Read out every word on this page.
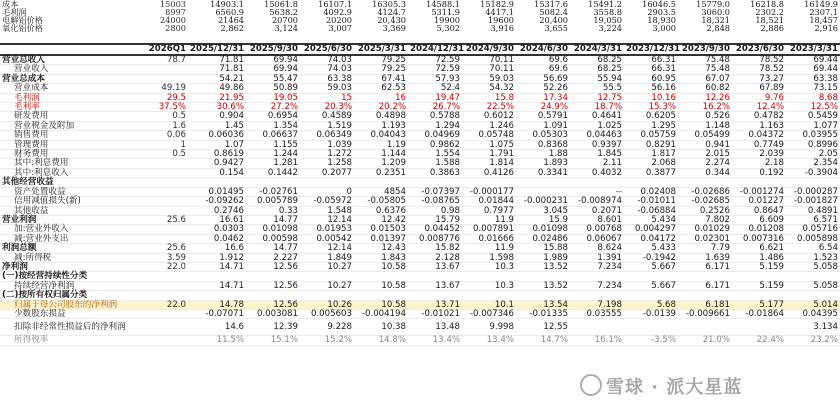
成本	15003	14903.1	15061.8	16107.1	16305.3	14588.1	15182.9	15317.6	15491.2	16046.5	15779.0	16218.8	16149.9
毛利润	8997	6560.9	5638.2	4092.9	4124.7	5311.9	4417.1	5082.4	3558.8	2903.5	3060.0	2302.2	2307.1
电解铝价格	24000	21464	20700	20200	20,430	19900	19600	20,400	19,050	18,930	18,321	18,521	18,457
氧化铝价格	2800	2,862	3,124	3,007	3,369	5,302	3,916	3,655	3,224	3,000	2,848	2,886	2,916
	2026Q1	2025/12/31	2025/9/30	2025/6/30	2025/3/31	2024/12/31	2024/9/30	2024/6/30	2024/3/31	2023/12/31	2023/9/30	2023/6/30	2023/3/31
营业总收入	78.7	71.81	69.94	74.03	79.25	72.59	70.11	69.6	68.25	66.31	75.48	78.52	69.44
营业收入		71.81	69.94	74.03	79.25	72.59	70.11	69.6	68.25	66.31	75.48	78.52	69.44
营业总成本		54.21	55.47	63.38	67.41	57.93	59.03	56.69	55.94	60.95	67.07	73.27	63.38
营业成本	49.19	49.86	50.89	59.03	62.53	52.4	54.32	52.26	55.5	56.16	60.82	67.89	73.15
毛利润	29.5	21.95	19.05	15	16	19.47	15.8	17.34	12.75	10.16	12.26	9.76	8.68
毛利率	37.5%	30.6%	27.2%	20.3%	20.2%	26.7%	22.5%	24.9%	18.7%	15.3%	16.2%	12.4%	12.5%
研发费用	0.5	0.904	0.6954	0.4589	0.4898	0.5788	0.6012	0.5791	0.4641	0.6205	0.526	0.4782	0.5459
营业税金及附加	1.6	1.45	1.354	1.519	1.193	1.294	1.246	1.091	1.025	1.295	1.148	1.163	1.077
销售费用	0.06	0.06036	0.06637	0.06349	0.04043	0.04969	0.05748	0.05303	0.04463	0.05759	0.05499	0.04372	0.03955
管理费用	1	1.07	1.155	1.039	1.19	0.9862	1.075	0.8368	0.9397	0.8291	0.941	0.7749	0.8996
财务费用	0.5	0.8619	1.244	1.272	1.144	1.554	1.791	1.88	1.845	1.817	2.015	2.039	2.05
其中:利息费用		0.9427	1.281	1.258	1.209	1.588	1.814	1.893	2.11	2.068	2.274	2.18	2.354
其中:利息收入		0.154	0.1442	0.2077	0.2351	0.3863	0.4126	0.3341	0.4032	0.3877	0.344	0.192	-0.3904
其他经营收益													
资产处置收益		0.01495	-0.02761	0	4854	-0.07397	-0.000177		--	0.02408	-0.02686	-0.001274	-0.000287
信用减值损失(新)		-0.09262	0.005789	-0.05972	-0.05805	-0.08765	0.01844	-0.000231	-0.008974	-0.01011	-0.02685	0.01227	-0.001827
其他收益		0.2746	0.33	1.548	0.6376	0.98	0.7977	3.045	0.2071	-0.06884	0.2526	0.8647	0.4891
营业利润	25.6	16.61	14.77	12.14	12.42	15.79	11.9	15.9	8.601	5.434	7.802	6.609	6.571
加:营业外收入		0.0303	0.01098	0.01953	0.01503	0.04452	0.007891	0.01098	0.00768	0.004297	0.01029	0.01208	0.05716
减:营业外支出		0.0462	0.00598	0.00542	0.01397	0.008776	0.01666	0.02486	0.06067	0.04172	0.02301	0.007316	0.005898
利润总额	25.6	16.6	14.77	12.14	12.43	15.82	11.9	15.88	8.624	5.433	7.79	6.621	6.54
减:所得税	3.59	1.912	2.227	1.849	1.843	2.128	1.598	1.989	1.391	-0.1942	1.639	1.486	1.523
净利润	22.0	14.71	12.56	10.27	10.58	13.67	10.3	13.52	7.234	5.667	6.171	5.159	5.058
(一)按经营持续性分类													
持续经营净利润		14.71	12.56	10.27	10.58	13.67	10.3	13.52	7.234	5.667	6.171	5.159	5.058
(二)按所有权归属分类													
归属于母公司股东的净利润	22.0	14.78	12.56	10.26	10.58	13.71	10.1	13.54	7.198	5.68	6.181	5.177	5.014
少数股东损益		-0.07071	0.003081	0.005603	-0.004194	-0.01021	-0.007346	-0.01335	0.03555	-0.0139	-0.009661	-0.01864	0.04395
扣除非经常性损益后的净利润		14.6	12.39	9.228	10.38	13.48	9.998	12.55					3.134
所得税率		11.5%	15.1%	15.2%	14.8%	13.4%	13.4%	14.7%	16.1%	-3.5%	21.0%	22.4%	23.2%
雪球 · 派大星蓝
